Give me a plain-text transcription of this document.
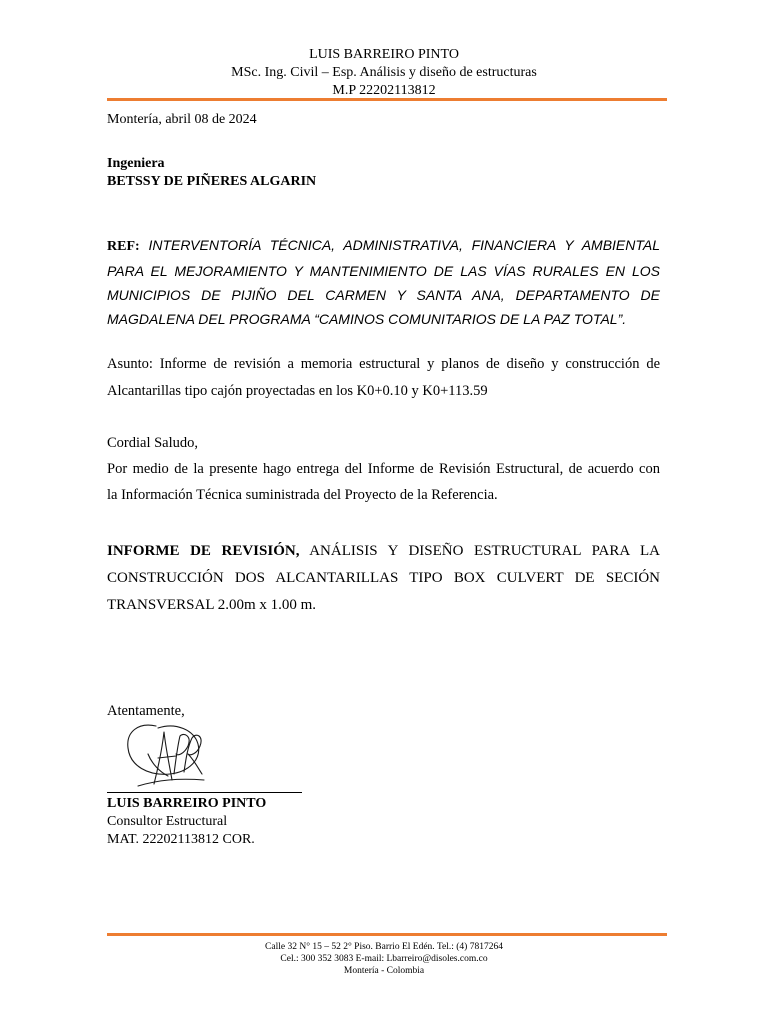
LUIS BARREIRO PINTO
MSc. Ing. Civil – Esp. Análisis y diseño de estructuras
M.P 22202113812
Montería, abril 08 de 2024
Ingeniera
BETSSY DE PIÑERES ALGARIN
REF: INTERVENTORÍA TÉCNICA, ADMINISTRATIVA, FINANCIERA Y AMBIENTAL
PARA EL MEJORAMIENTO Y MANTENIMIENTO DE LAS VÍAS RURALES EN LOS
MUNICIPIOS DE PIJIÑO DEL CARMEN Y SANTA ANA, DEPARTAMENTO DE
MAGDALENA DEL PROGRAMA “CAMINOS COMUNITARIOS DE LA PAZ TOTAL”.
Asunto: Informe de revisión a memoria estructural y planos de diseño y construcción de
Alcantarillas tipo cajón proyectadas en los K0+0.10 y K0+113.59
Cordial Saludo,
Por medio de la presente hago entrega del Informe de Revisión Estructural, de acuerdo con
la Información Técnica suministrada del Proyecto de la Referencia.
INFORME DE REVISIÓN, ANÁLISIS Y DISEÑO ESTRUCTURAL PARA LA
CONSTRUCCIÓN DOS ALCANTARILLAS TIPO BOX CULVERT DE SECIÓN
TRANSVERSAL 2.00m x 1.00 m.
Atentamente,
LUIS BARREIRO PINTO
Consultor Estructural
MAT. 22202113812 COR.
Calle 32 N° 15 – 52 2° Piso. Barrio El Edén. Tel.: (4) 7817264
Cel.: 300 352 3083 E-mail: Lbarreiro@disoles.com.co
Montería - Colombia
